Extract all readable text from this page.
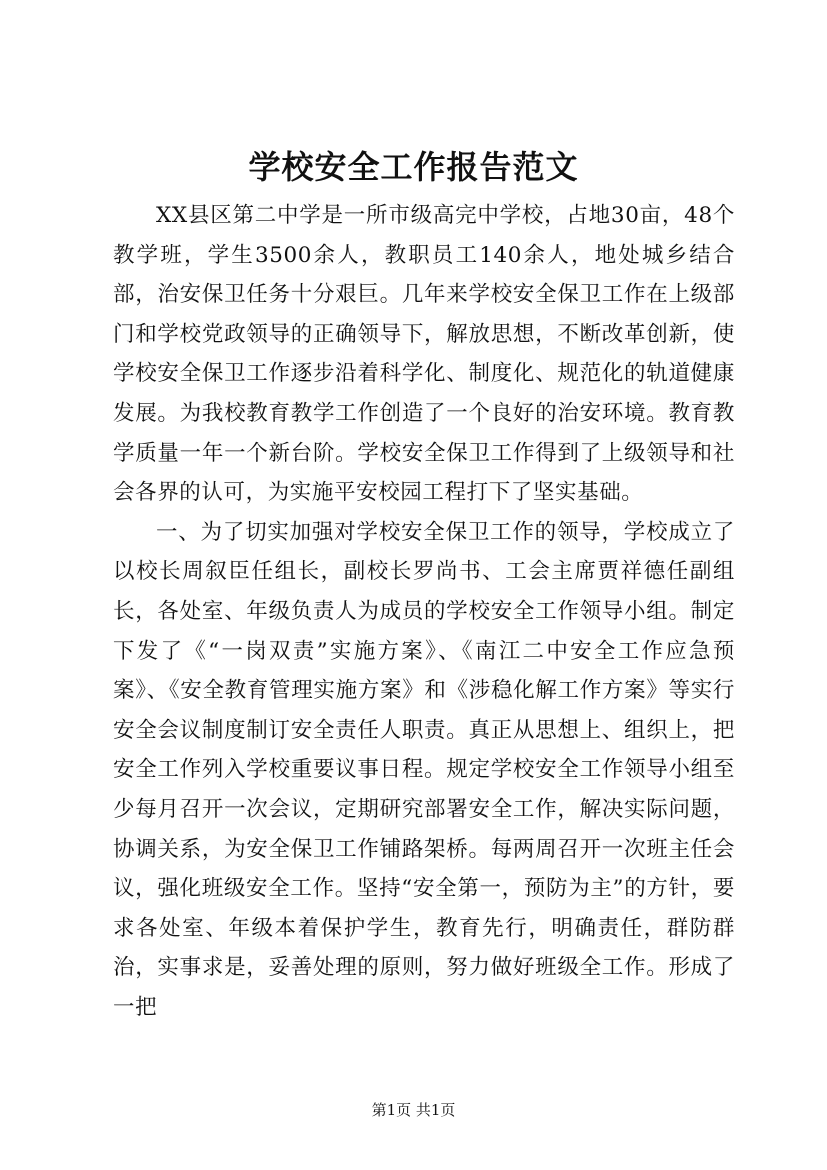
学校安全工作报告范文

XX县区第二中学是一所市级高完中学校，占地30亩，48个教学班，学生3500余人，教职员工140余人，地处城乡结合部，治安保卫任务十分艰巨。几年来学校安全保卫工作在上级部门和学校党政领导的正确领导下，解放思想，不断改革创新，使学校安全保卫工作逐步沿着科学化、制度化、规范化的轨道健康发展。为我校教育教学工作创造了一个良好的治安环境。教育教学质量一年一个新台阶。学校安全保卫工作得到了上级领导和社会各界的认可，为实施平安校园工程打下了坚实基础。

一、为了切实加强对学校安全保卫工作的领导，学校成立了以校长周叙臣任组长，副校长罗尚书、工会主席贾祥德任副组长，各处室、年级负责人为成员的学校安全工作领导小组。制定下发了《“一岗双责”实施方案》、《南江二中安全工作应急预案》、《安全教育管理实施方案》和《涉稳化解工作方案》等实行安全会议制度制订安全责任人职责。真正从思想上、组织上，把安全工作列入学校重要议事日程。规定学校安全工作领导小组至少每月召开一次会议，定期研究部署安全工作，解决实际问题，协调关系，为安全保卫工作铺路架桥。每两周召开一次班主任会议，强化班级安全工作。坚持“安全第一，预防为主”的方针，要求各处室、年级本着保护学生，教育先行，明确责任，群防群治，实事求是，妥善处理的原则，努力做好班级全工作。形成了一把

第1页 共1页
